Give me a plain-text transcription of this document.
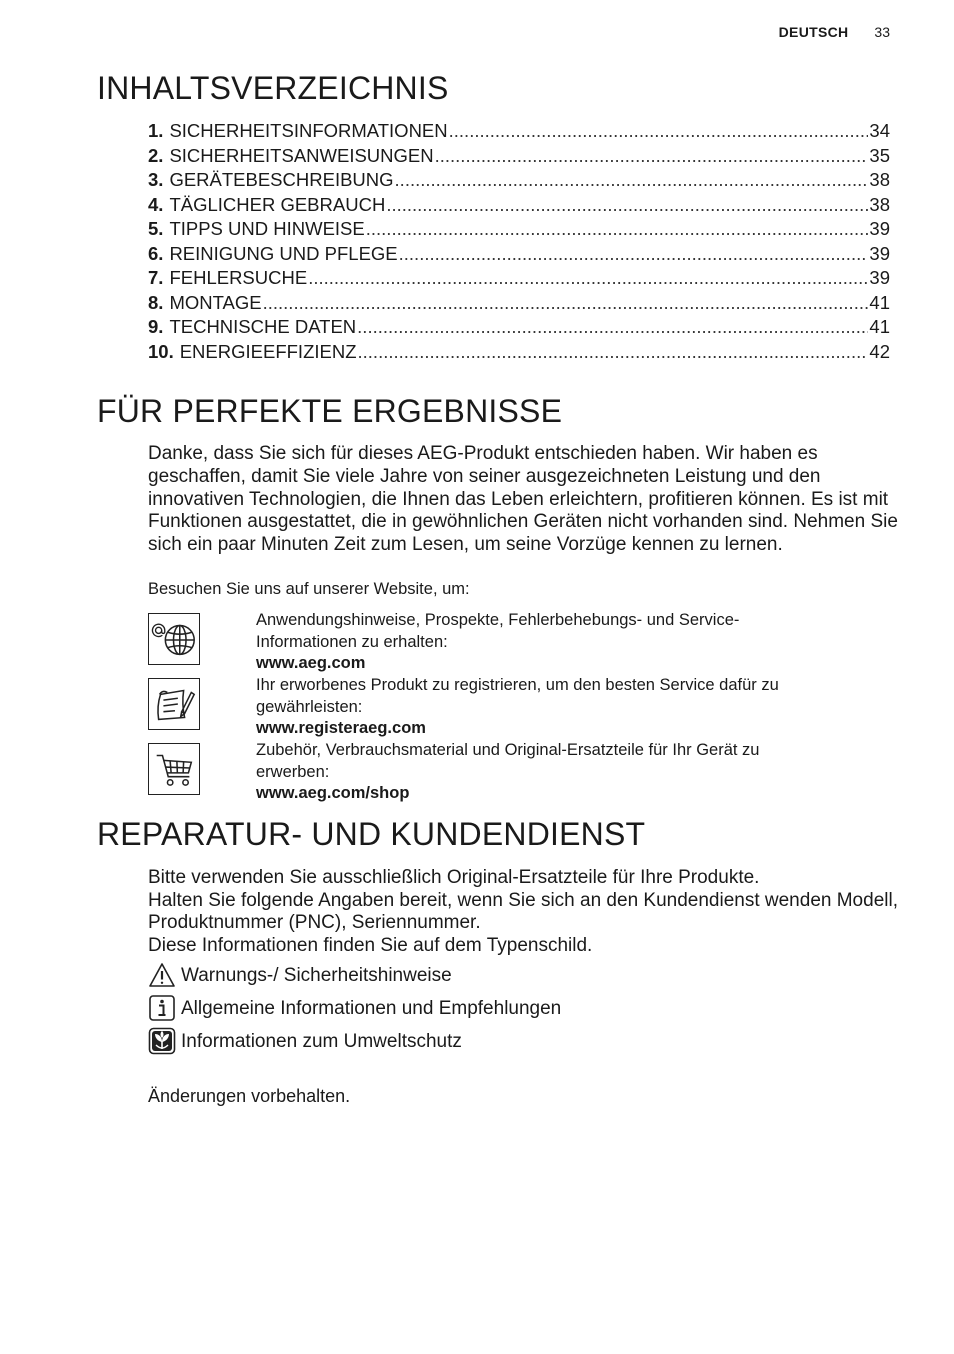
DEUTSCH 33
INHALTSVERZEICHNIS
1. SICHERHEITSINFORMATIONEN .....	34
2. SICHERHEITSANWEISUNGEN .....	35
3. GERÄTEBESCHREIBUNG .....	38
4. TÄGLICHER GEBRAUCH .....	38
5. TIPPS UND HINWEISE .....	39
6. REINIGUNG UND PFLEGE .....	39
7. FEHLERSUCHE .....	39
8. MONTAGE .....	41
9. TECHNISCHE DATEN .....	41
10. ENERGIEEFFIZIENZ .....	42
FÜR PERFEKTE ERGEBNISSE

Danke, dass Sie sich für dieses AEG-Produkt entschieden haben. Wir haben es geschaffen, damit Sie viele Jahre von seiner ausgezeichneten Leistung und den innovativen Technologien, die Ihnen das Leben erleichtern, profitieren können. Es ist mit Funktionen ausgestattet, die in gewöhnlichen Geräten nicht vorhanden sind. Nehmen Sie sich ein paar Minuten Zeit zum Lesen, um seine Vorzüge kennen zu lernen.

Besuchen Sie uns auf unserer Website, um:

Anwendungshinweise, Prospekte, Fehlerbehebungs- und Service-Informationen zu erhalten:
www.aeg.com
Ihr erworbenes Produkt zu registrieren, um den besten Service dafür zu gewährleisten:
www.registeraeg.com
Zubehör, Verbrauchsmaterial und Original-Ersatzteile für Ihr Gerät zu erwerben:
www.aeg.com/shop
REPARATUR- UND KUNDENDIENST

Bitte verwenden Sie ausschließlich Original-Ersatzteile für Ihre Produkte.

Halten Sie folgende Angaben bereit, wenn Sie sich an den Kundendienst wenden Modell, Produktnummer (PNC), Seriennummer.

Diese Informationen finden Sie auf dem Typenschild.

Warnungs-/ Sicherheitshinweise
Allgemeine Informationen und Empfehlungen
Informationen zum Umweltschutz

Änderungen vorbehalten.
